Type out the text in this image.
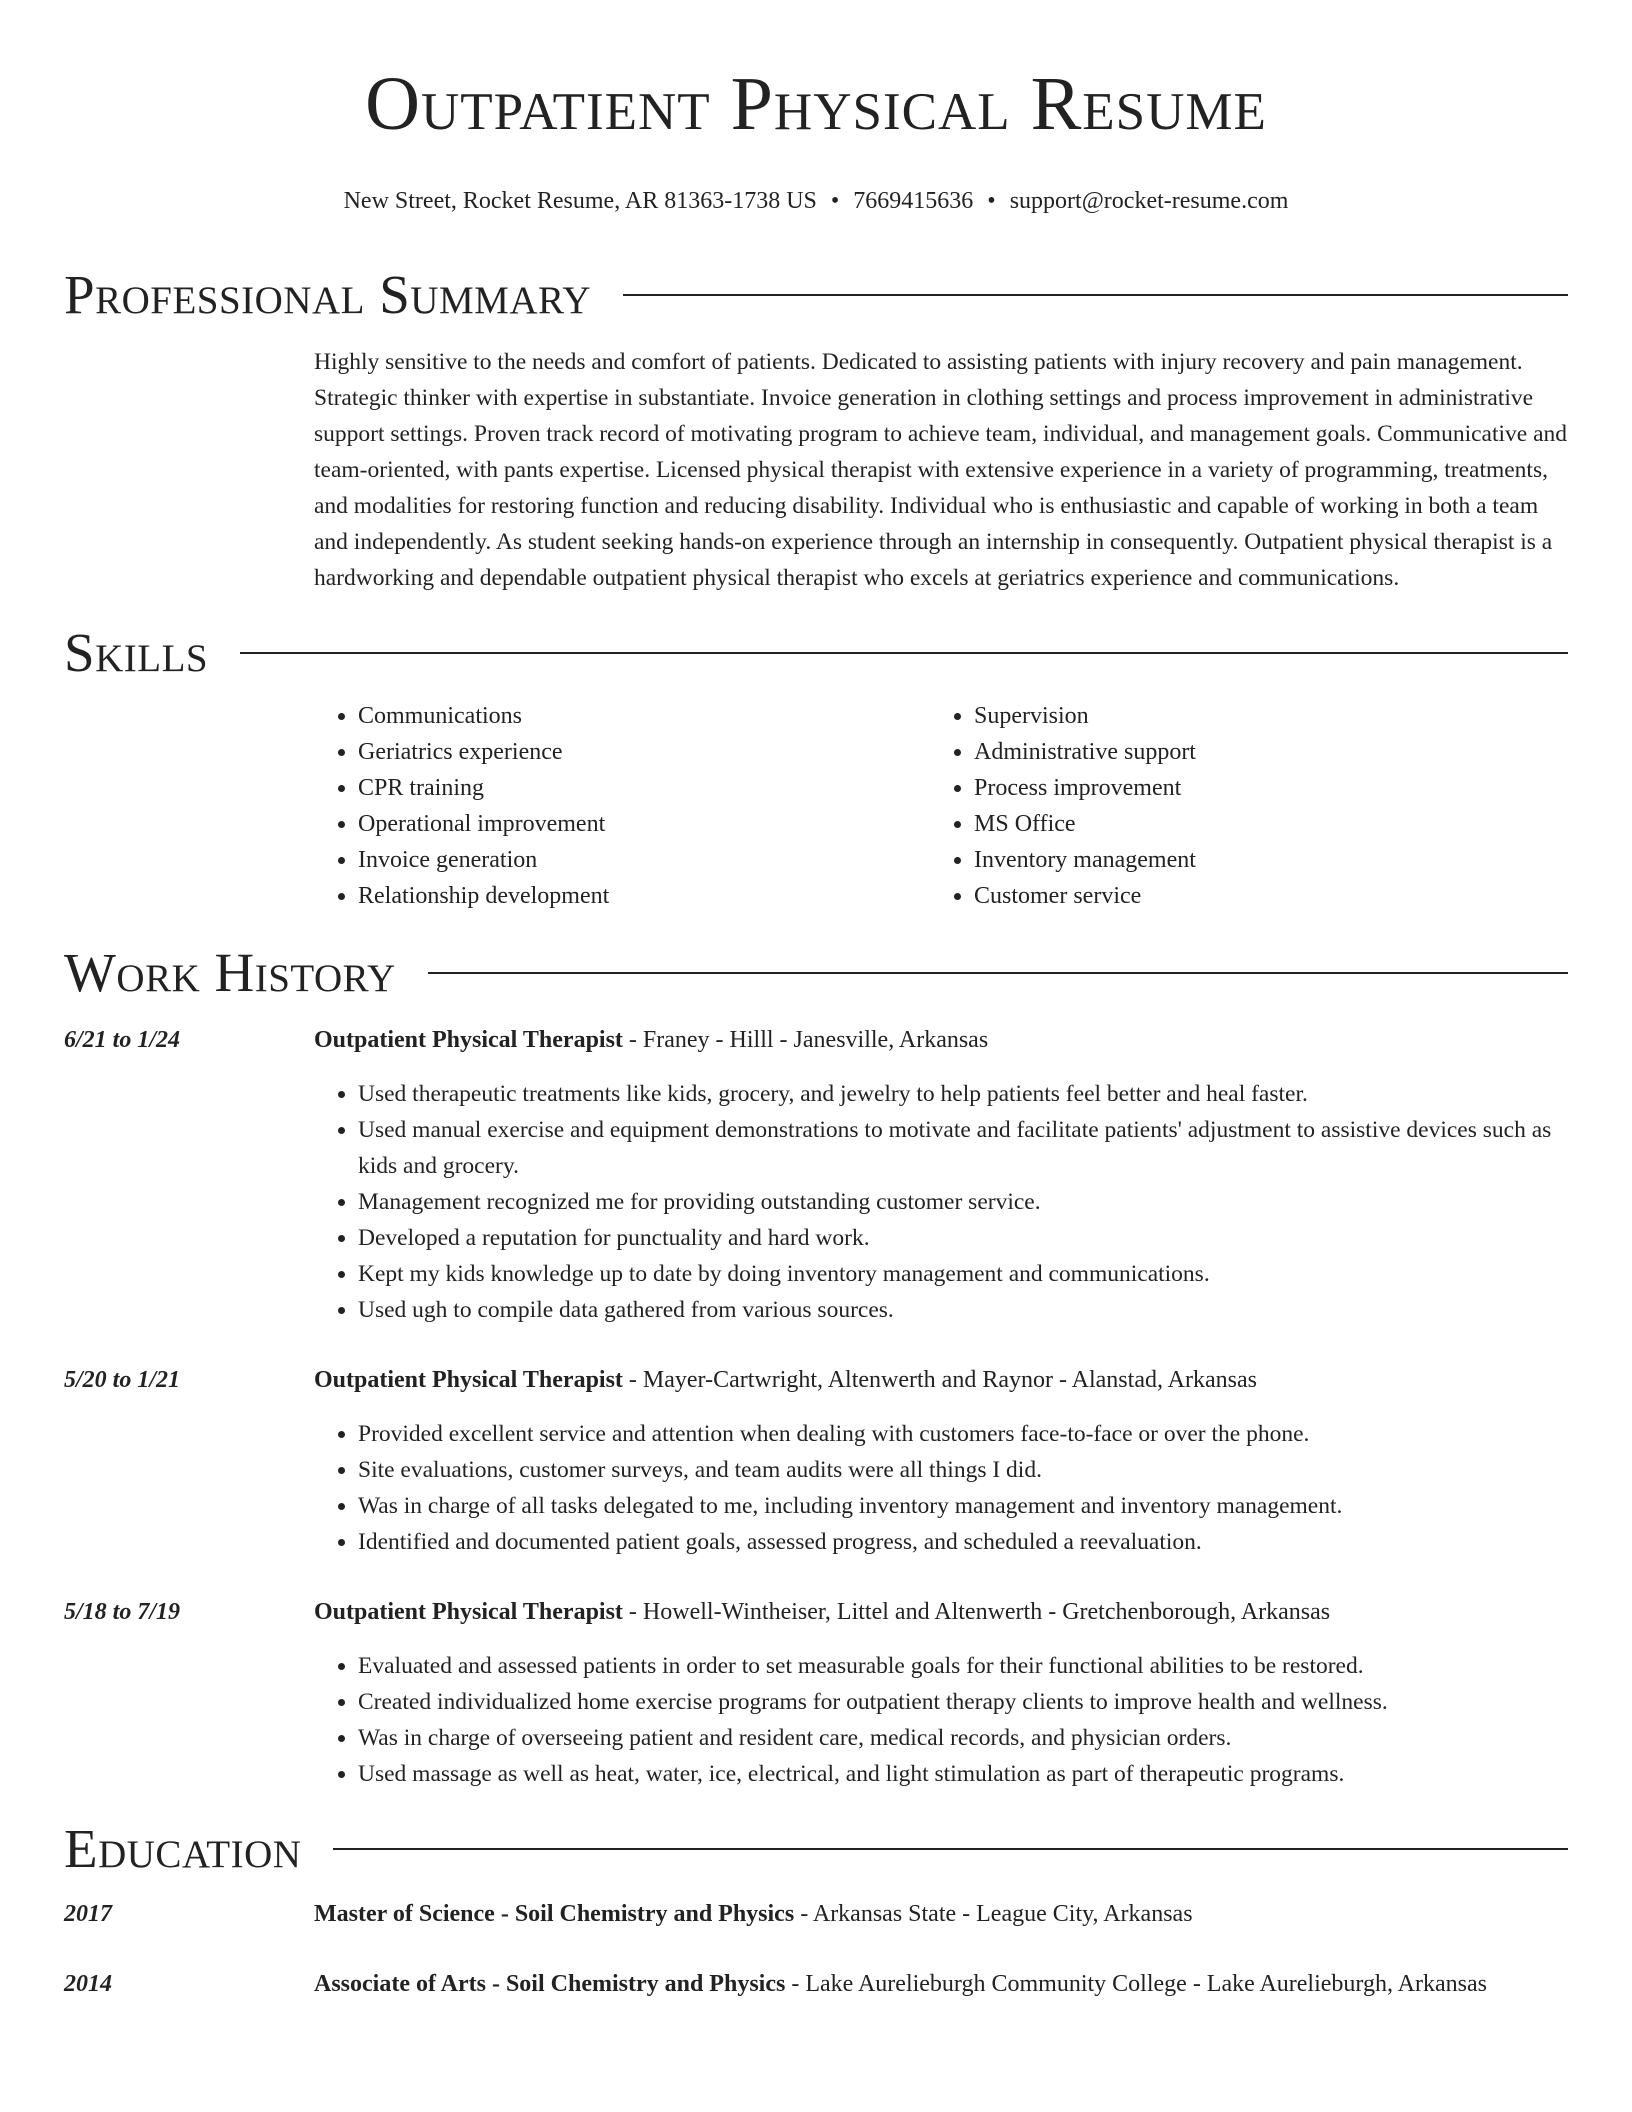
Outpatient Physical Resume
New Street, Rocket Resume, AR 81363-1738 US • 7669415636 • support@rocket-resume.com
Professional Summary

Highly sensitive to the needs and comfort of patients. Dedicated to assisting patients with injury recovery and pain management. Strategic thinker with expertise in substantiate. Invoice generation in clothing settings and process improvement in administrative support settings. Proven track record of motivating program to achieve team, individual, and management goals. Communicative and team-oriented, with pants expertise. Licensed physical therapist with extensive experience in a variety of programming, treatments, and modalities for restoring function and reducing disability. Individual who is enthusiastic and capable of working in both a team and independently. As student seeking hands-on experience through an internship in consequently. Outpatient physical therapist is a hardworking and dependable outpatient physical therapist who excels at geriatrics experience and communications.

Skills
• Communications
• Geriatrics experience
• CPR training
• Operational improvement
• Invoice generation
• Relationship development
• Supervision
• Administrative support
• Process improvement
• MS Office
• Inventory management
• Customer service
Work History
6/21 to 1/24	Outpatient Physical Therapist - Franey - Hilll - Janesville, Arkansas
• Used therapeutic treatments like kids, grocery, and jewelry to help patients feel better and heal faster.
• Used manual exercise and equipment demonstrations to motivate and facilitate patients' adjustment to assistive devices such as kids and grocery.
• Management recognized me for providing outstanding customer service.
• Developed a reputation for punctuality and hard work.
• Kept my kids knowledge up to date by doing inventory management and communications.
• Used ugh to compile data gathered from various sources.
5/20 to 1/21	Outpatient Physical Therapist - Mayer-Cartwright, Altenwerth and Raynor - Alanstad, Arkansas
• Provided excellent service and attention when dealing with customers face-to-face or over the phone.
• Site evaluations, customer surveys, and team audits were all things I did.
• Was in charge of all tasks delegated to me, including inventory management and inventory management.
• Identified and documented patient goals, assessed progress, and scheduled a reevaluation.
5/18 to 7/19	Outpatient Physical Therapist - Howell-Wintheiser, Littel and Altenwerth - Gretchenborough, Arkansas
• Evaluated and assessed patients in order to set measurable goals for their functional abilities to be restored.
• Created individualized home exercise programs for outpatient therapy clients to improve health and wellness.
• Was in charge of overseeing patient and resident care, medical records, and physician orders.
• Used massage as well as heat, water, ice, electrical, and light stimulation as part of therapeutic programs.
Education
2017	Master of Science - Soil Chemistry and Physics - Arkansas State - League City, Arkansas
2014	Associate of Arts - Soil Chemistry and Physics - Lake Aurelieburgh Community College - Lake Aurelieburgh, Arkansas
